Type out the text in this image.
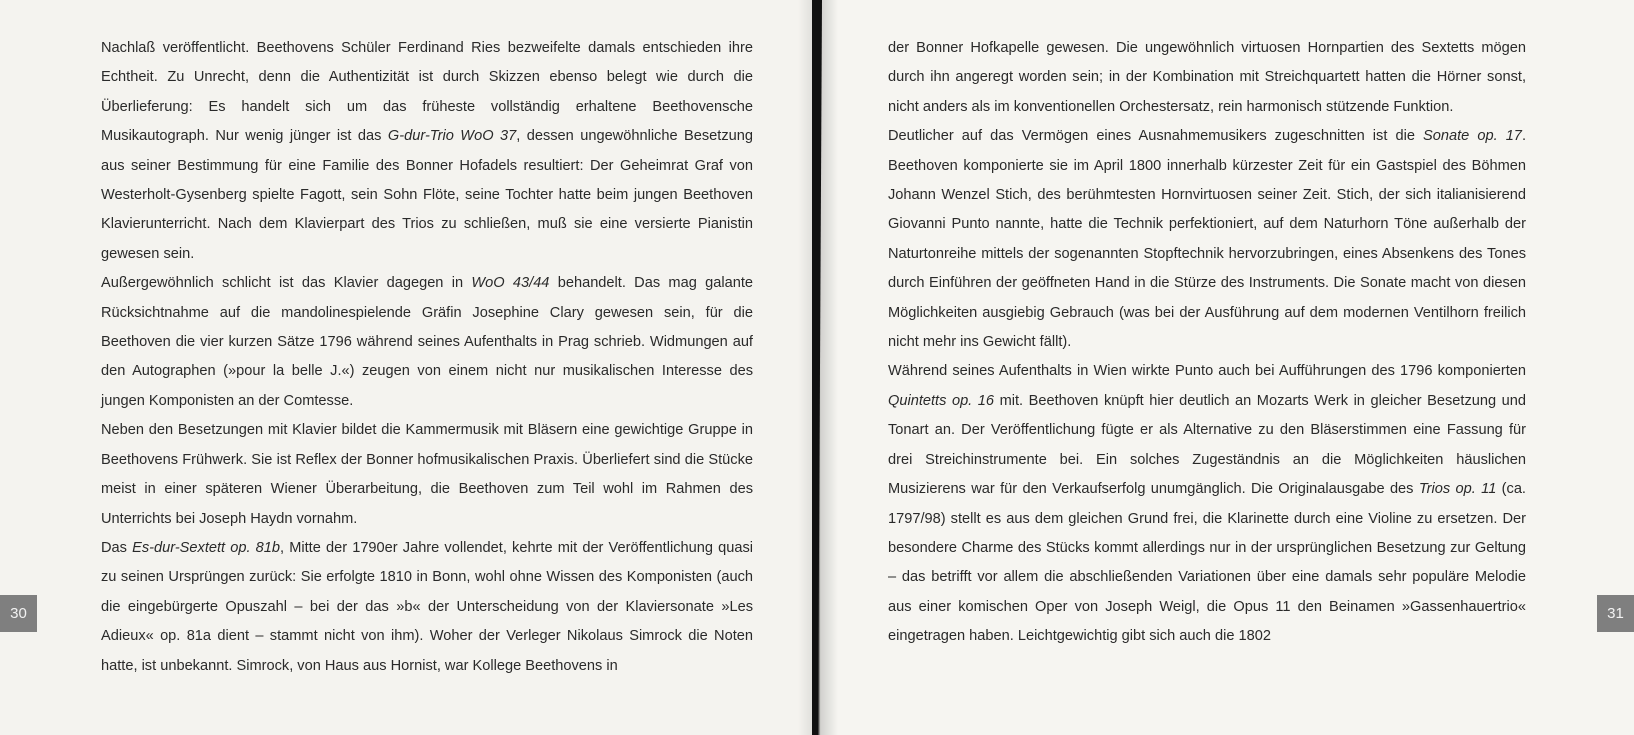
Nachlaß veröffentlicht. Beethovens Schüler Ferdinand Ries bezweifelte damals entschieden ihre Echtheit. Zu Unrecht, denn die Authentizität ist durch Skizzen ebenso belegt wie durch die Überlieferung: Es handelt sich um das früheste vollständig erhaltene Beethovensche Musikautograph. Nur wenig jünger ist das G-dur-Trio WoO 37, dessen ungewöhnliche Besetzung aus seiner Bestimmung für eine Familie des Bonner Hofadels resultiert: Der Geheimrat Graf von Westerholt-Gysenberg spielte Fagott, sein Sohn Flöte, seine Tochter hatte beim jungen Beethoven Klavierunterricht. Nach dem Klavierpart des Trios zu schließen, muß sie eine versierte Pianistin gewesen sein.

Außergewöhnlich schlicht ist das Klavier dagegen in WoO 43/44 behandelt. Das mag galante Rücksichtnahme auf die mandolinespielende Gräfin Josephine Clary gewesen sein, für die Beethoven die vier kurzen Sätze 1796 während seines Aufenthalts in Prag schrieb. Widmungen auf den Autographen (»pour la belle J.«) zeugen von einem nicht nur musikalischen Interesse des jungen Komponisten an der Comtesse.

Neben den Besetzungen mit Klavier bildet die Kammermusik mit Bläsern eine gewichtige Gruppe in Beethovens Frühwerk. Sie ist Reflex der Bonner hofmusikalischen Praxis. Überliefert sind die Stücke meist in einer späteren Wiener Überarbeitung, die Beethoven zum Teil wohl im Rahmen des Unterrichts bei Joseph Haydn vornahm.

Das Es-dur-Sextett op. 81b, Mitte der 1790er Jahre vollendet, kehrte mit der Veröffentlichung quasi zu seinen Ursprüngen zurück: Sie erfolgte 1810 in Bonn, wohl ohne Wissen des Komponisten (auch die eingebürgerte Opuszahl – bei der das »b« der Unterscheidung von der Klaviersonate »Les Adieux« op. 81a dient – stammt nicht von ihm). Woher der Verleger Nikolaus Simrock die Noten hatte, ist unbekannt. Simrock, von Haus aus Hornist, war Kollege Beethovens in

30

der Bonner Hofkapelle gewesen. Die ungewöhnlich virtuosen Hornpartien des Sextetts mögen durch ihn angeregt worden sein; in der Kombination mit Streichquartett hatten die Hörner sonst, nicht anders als im konventionellen Orchestersatz, rein harmonisch stützende Funktion.

Deutlicher auf das Vermögen eines Ausnahmemusikers zugeschnitten ist die Sonate op. 17. Beethoven komponierte sie im April 1800 innerhalb kürzester Zeit für ein Gastspiel des Böhmen Johann Wenzel Stich, des berühmtesten Hornvirtuosen seiner Zeit. Stich, der sich italianisierend Giovanni Punto nannte, hatte die Technik perfektioniert, auf dem Naturhorn Töne außerhalb der Naturtonreihe mittels der sogenannten Stopftechnik hervorzubringen, eines Absenkens des Tones durch Einführen der geöffneten Hand in die Stürze des Instruments. Die Sonate macht von diesen Möglichkeiten ausgiebig Gebrauch (was bei der Ausführung auf dem modernen Ventilhorn freilich nicht mehr ins Gewicht fällt).

Während seines Aufenthalts in Wien wirkte Punto auch bei Aufführungen des 1796 komponierten Quintetts op. 16 mit. Beethoven knüpft hier deutlich an Mozarts Werk in gleicher Besetzung und Tonart an. Der Veröffentlichung fügte er als Alternative zu den Bläserstimmen eine Fassung für drei Streichinstrumente bei. Ein solches Zugeständnis an die Möglichkeiten häuslichen Musizierens war für den Verkaufserfolg unumgänglich. Die Originalausgabe des Trios op. 11 (ca. 1797/98) stellt es aus dem gleichen Grund frei, die Klarinette durch eine Violine zu ersetzen. Der besondere Charme des Stücks kommt allerdings nur in der ursprünglichen Besetzung zur Geltung – das betrifft vor allem die abschließenden Variationen über eine damals sehr populäre Melodie aus einer komischen Oper von Joseph Weigl, die Opus 11 den Beinamen »Gassenhauertrio« eingetragen haben. Leichtgewichtig gibt sich auch die 1802

31
